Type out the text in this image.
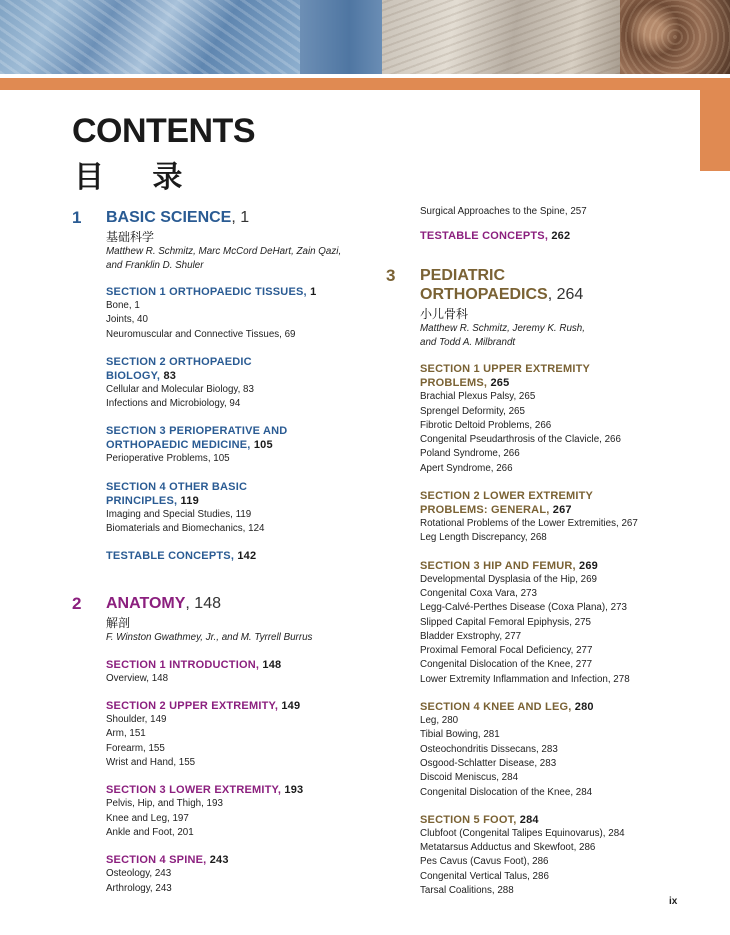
CONTENTS
目 录
1 BASIC SCIENCE, 1
基础科学
Matthew R. Schmitz, Marc McCord DeHart, Zain Qazi,
and Franklin D. Shuler
SECTION 1 ORTHOPAEDIC TISSUES, 1
Bone, 1
Joints, 40
Neuromuscular and Connective Tissues, 69
SECTION 2 ORTHOPAEDIC
BIOLOGY, 83
Cellular and Molecular Biology, 83
Infections and Microbiology, 94
SECTION 3 PERIOPERATIVE AND
ORTHOPAEDIC MEDICINE, 105
Perioperative Problems, 105
SECTION 4 OTHER BASIC
PRINCIPLES, 119
Imaging and Special Studies, 119
Biomaterials and Biomechanics, 124
TESTABLE CONCEPTS, 142
2 ANATOMY, 148
解剖
F. Winston Gwathmey, Jr., and M. Tyrrell Burrus
SECTION 1 INTRODUCTION, 148
Overview, 148
SECTION 2 UPPER EXTREMITY, 149
Shoulder, 149
Arm, 151
Forearm, 155
Wrist and Hand, 155
SECTION 3 LOWER EXTREMITY, 193
Pelvis, Hip, and Thigh, 193
Knee and Leg, 197
Ankle and Foot, 201
SECTION 4 SPINE, 243
Osteology, 243
Arthrology, 243
Surgical Approaches to the Spine, 257
TESTABLE CONCEPTS, 262
3 PEDIATRIC
ORTHOPAEDICS, 264
小儿骨科
Matthew R. Schmitz, Jeremy K. Rush,
and Todd A. Milbrandt
SECTION 1 UPPER EXTREMITY
PROBLEMS, 265
Brachial Plexus Palsy, 265
Sprengel Deformity, 265
Fibrotic Deltoid Problems, 266
Congenital Pseudarthrosis of the Clavicle, 266
Poland Syndrome, 266
Apert Syndrome, 266
SECTION 2 LOWER EXTREMITY
PROBLEMS: GENERAL, 267
Rotational Problems of the Lower Extremities, 267
Leg Length Discrepancy, 268
SECTION 3 HIP AND FEMUR, 269
Developmental Dysplasia of the Hip, 269
Congenital Coxa Vara, 273
Legg-Calvé-Perthes Disease (Coxa Plana), 273
Slipped Capital Femoral Epiphysis, 275
Bladder Exstrophy, 277
Proximal Femoral Focal Deficiency, 277
Congenital Dislocation of the Knee, 277
Lower Extremity Inflammation and Infection, 278
SECTION 4 KNEE AND LEG, 280
Leg, 280
Tibial Bowing, 281
Osteochondritis Dissecans, 283
Osgood-Schlatter Disease, 283
Discoid Meniscus, 284
Congenital Dislocation of the Knee, 284
SECTION 5 FOOT, 284
Clubfoot (Congenital Talipes Equinovarus), 284
Metatarsus Adductus and Skewfoot, 286
Pes Cavus (Cavus Foot), 286
Congenital Vertical Talus, 286
Tarsal Coalitions, 288
ix
